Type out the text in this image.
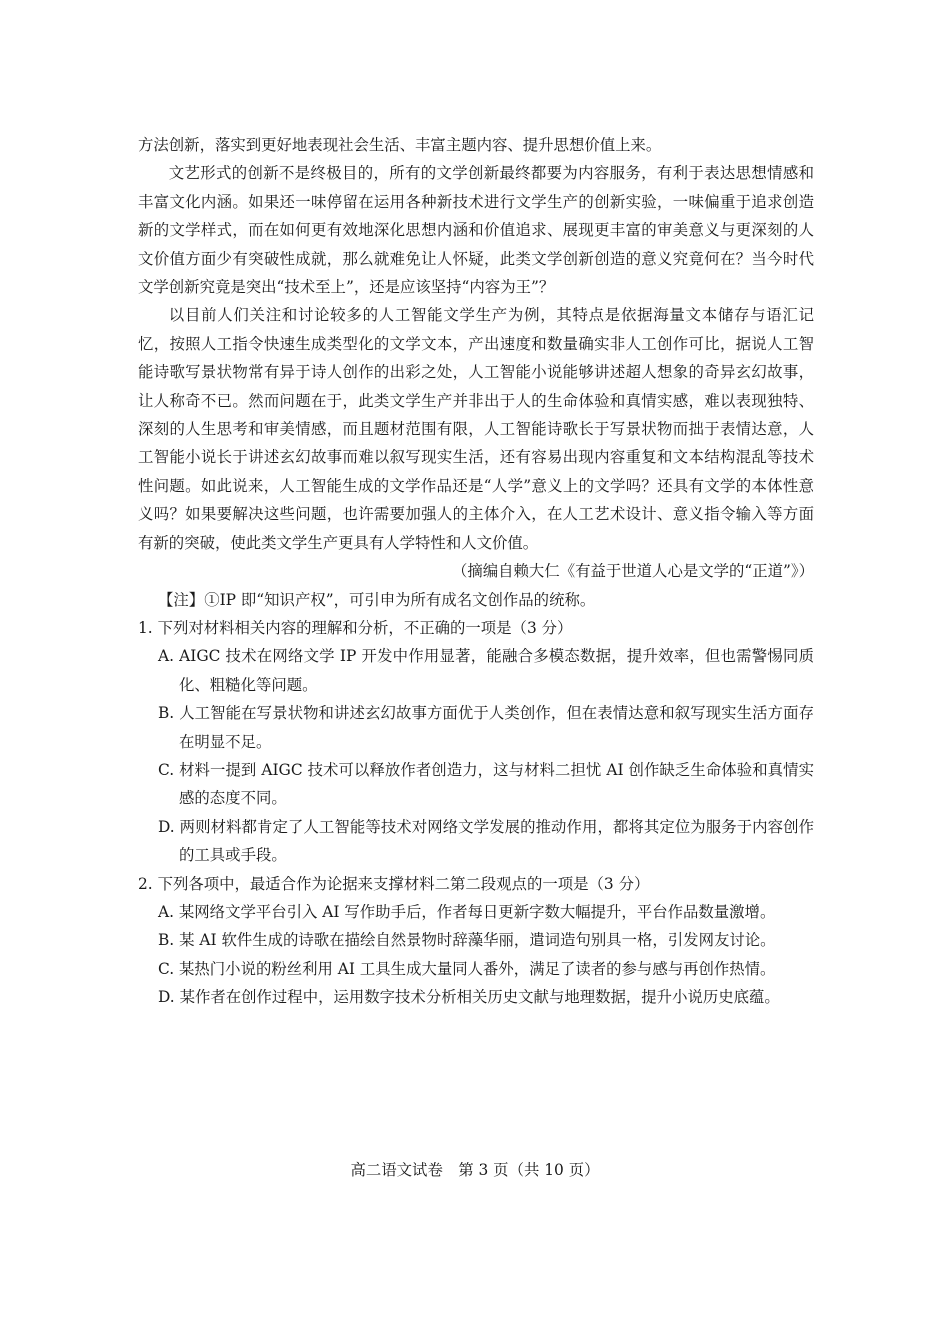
方法创新，落实到更好地表现社会生活、丰富主题内容、提升思想价值上来。

文艺形式的创新不是终极目的，所有的文学创新最终都要为内容服务，有利于表达思想情感和丰富文化内涵。如果还一味停留在运用各种新技术进行文学生产的创新实验，一味偏重于追求创造新的文学样式，而在如何更有效地深化思想内涵和价值追求、展现更丰富的审美意义与更深刻的人文价值方面少有突破性成就，那么就难免让人怀疑，此类文学创新创造的意义究竟何在？当今时代文学创新究竟是突出“技术至上”，还是应该坚持“内容为王”？

以目前人们关注和讨论较多的人工智能文学生产为例，其特点是依据海量文本储存与语汇记忆，按照人工指令快速生成类型化的文学文本，产出速度和数量确实非人工创作可比，据说人工智能诗歌写景状物常有异于诗人创作的出彩之处，人工智能小说能够讲述超人想象的奇异玄幻故事，让人称奇不已。然而问题在于，此类文学生产并非出于人的生命体验和真情实感，难以表现独特、深刻的人生思考和审美情感，而且题材范围有限，人工智能诗歌长于写景状物而拙于表情达意，人工智能小说长于讲述玄幻故事而难以叙写现实生活，还有容易出现内容重复和文本结构混乱等技术性问题。如此说来，人工智能生成的文学作品还是“人学”意义上的文学吗？还具有文学的本体性意义吗？如果要解决这些问题，也许需要加强人的主体介入，在人工艺术设计、意义指令输入等方面有新的突破，使此类文学生产更具有人学特性和人文价值。

（摘编自赖大仁《有益于世道人心是文学的“正道”》）

【注】①IP 即“知识产权”，可引申为所有成名文创作品的统称。

1. 下列对材料相关内容的理解和分析，不正确的一项是（3 分）

A. AIGC 技术在网络文学 IP 开发中作用显著，能融合多模态数据，提升效率，但也需警惕同质化、粗糙化等问题。

B. 人工智能在写景状物和讲述玄幻故事方面优于人类创作，但在表情达意和叙写现实生活方面存在明显不足。

C. 材料一提到 AIGC 技术可以释放作者创造力，这与材料二担忧 AI 创作缺乏生命体验和真情实感的态度不同。

D. 两则材料都肯定了人工智能等技术对网络文学发展的推动作用，都将其定位为服务于内容创作的工具或手段。

2. 下列各项中，最适合作为论据来支撑材料二第二段观点的一项是（3 分）

A. 某网络文学平台引入 AI 写作助手后，作者每日更新字数大幅提升，平台作品数量激增。

B. 某 AI 软件生成的诗歌在描绘自然景物时辞藻华丽，遣词造句别具一格，引发网友讨论。

C. 某热门小说的粉丝利用 AI 工具生成大量同人番外，满足了读者的参与感与再创作热情。

D. 某作者在创作过程中，运用数字技术分析相关历史文献与地理数据，提升小说历史底蕴。

高二语文试卷　第 3 页（共 10 页）
